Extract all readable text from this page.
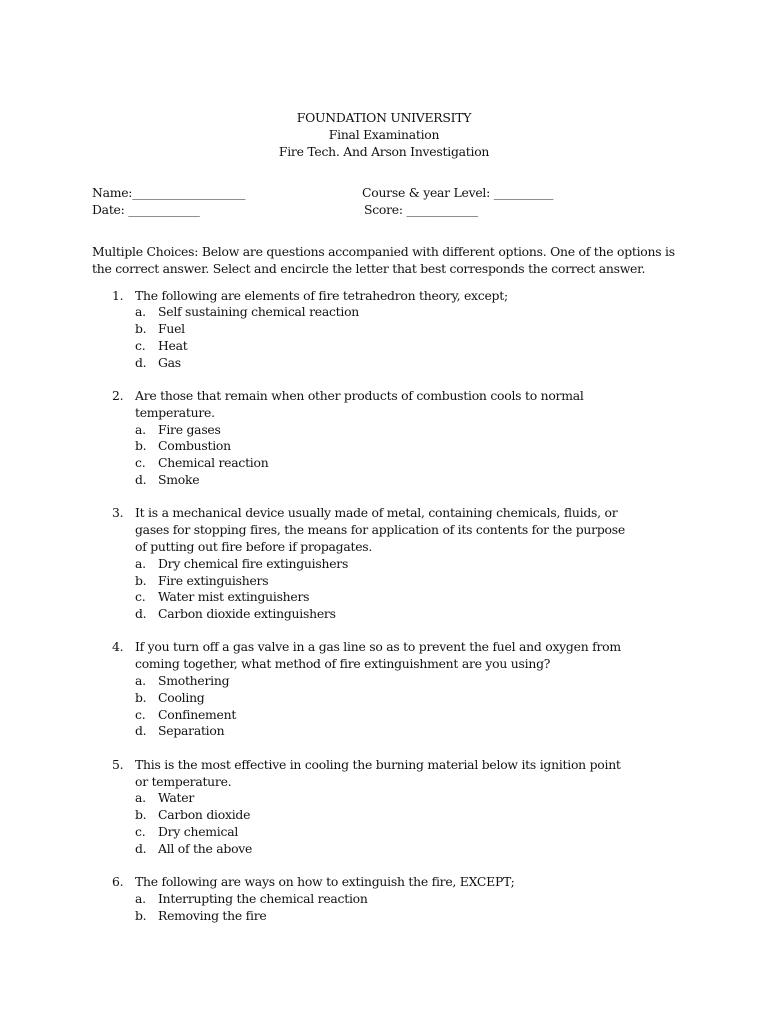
FOUNDATION UNIVERSITY
Final Examination
Fire Tech. And Arson Investigation
Name:___________________	Course & year Level: __________
Date: ____________	Score: ____________
Multiple Choices: Below are questions accompanied with different options. One of the options is the correct answer. Select and encircle the letter that best corresponds the correct answer.
1. The following are elements of fire tetrahedron theory, except;
a. Self sustaining chemical reaction
b. Fuel
c. Heat
d. Gas
2. Are those that remain when other products of combustion cools to normal temperature.
a. Fire gases
b. Combustion
c. Chemical reaction
d. Smoke
3. It is a mechanical device usually made of metal, containing chemicals, fluids, or gases for stopping fires, the means for application of its contents for the purpose of putting out fire before if propagates.
a. Dry chemical fire extinguishers
b. Fire extinguishers
c. Water mist extinguishers
d. Carbon dioxide extinguishers
4. If you turn off a gas valve in a gas line so as to prevent the fuel and oxygen from coming together, what method of fire extinguishment are you using?
a. Smothering
b. Cooling
c. Confinement
d. Separation
5. This is the most effective in cooling the burning material below its ignition point or temperature.
a. Water
b. Carbon dioxide
c. Dry chemical
d. All of the above
6. The following are ways on how to extinguish the fire, EXCEPT;
a. Interrupting the chemical reaction
b. Removing the fire
